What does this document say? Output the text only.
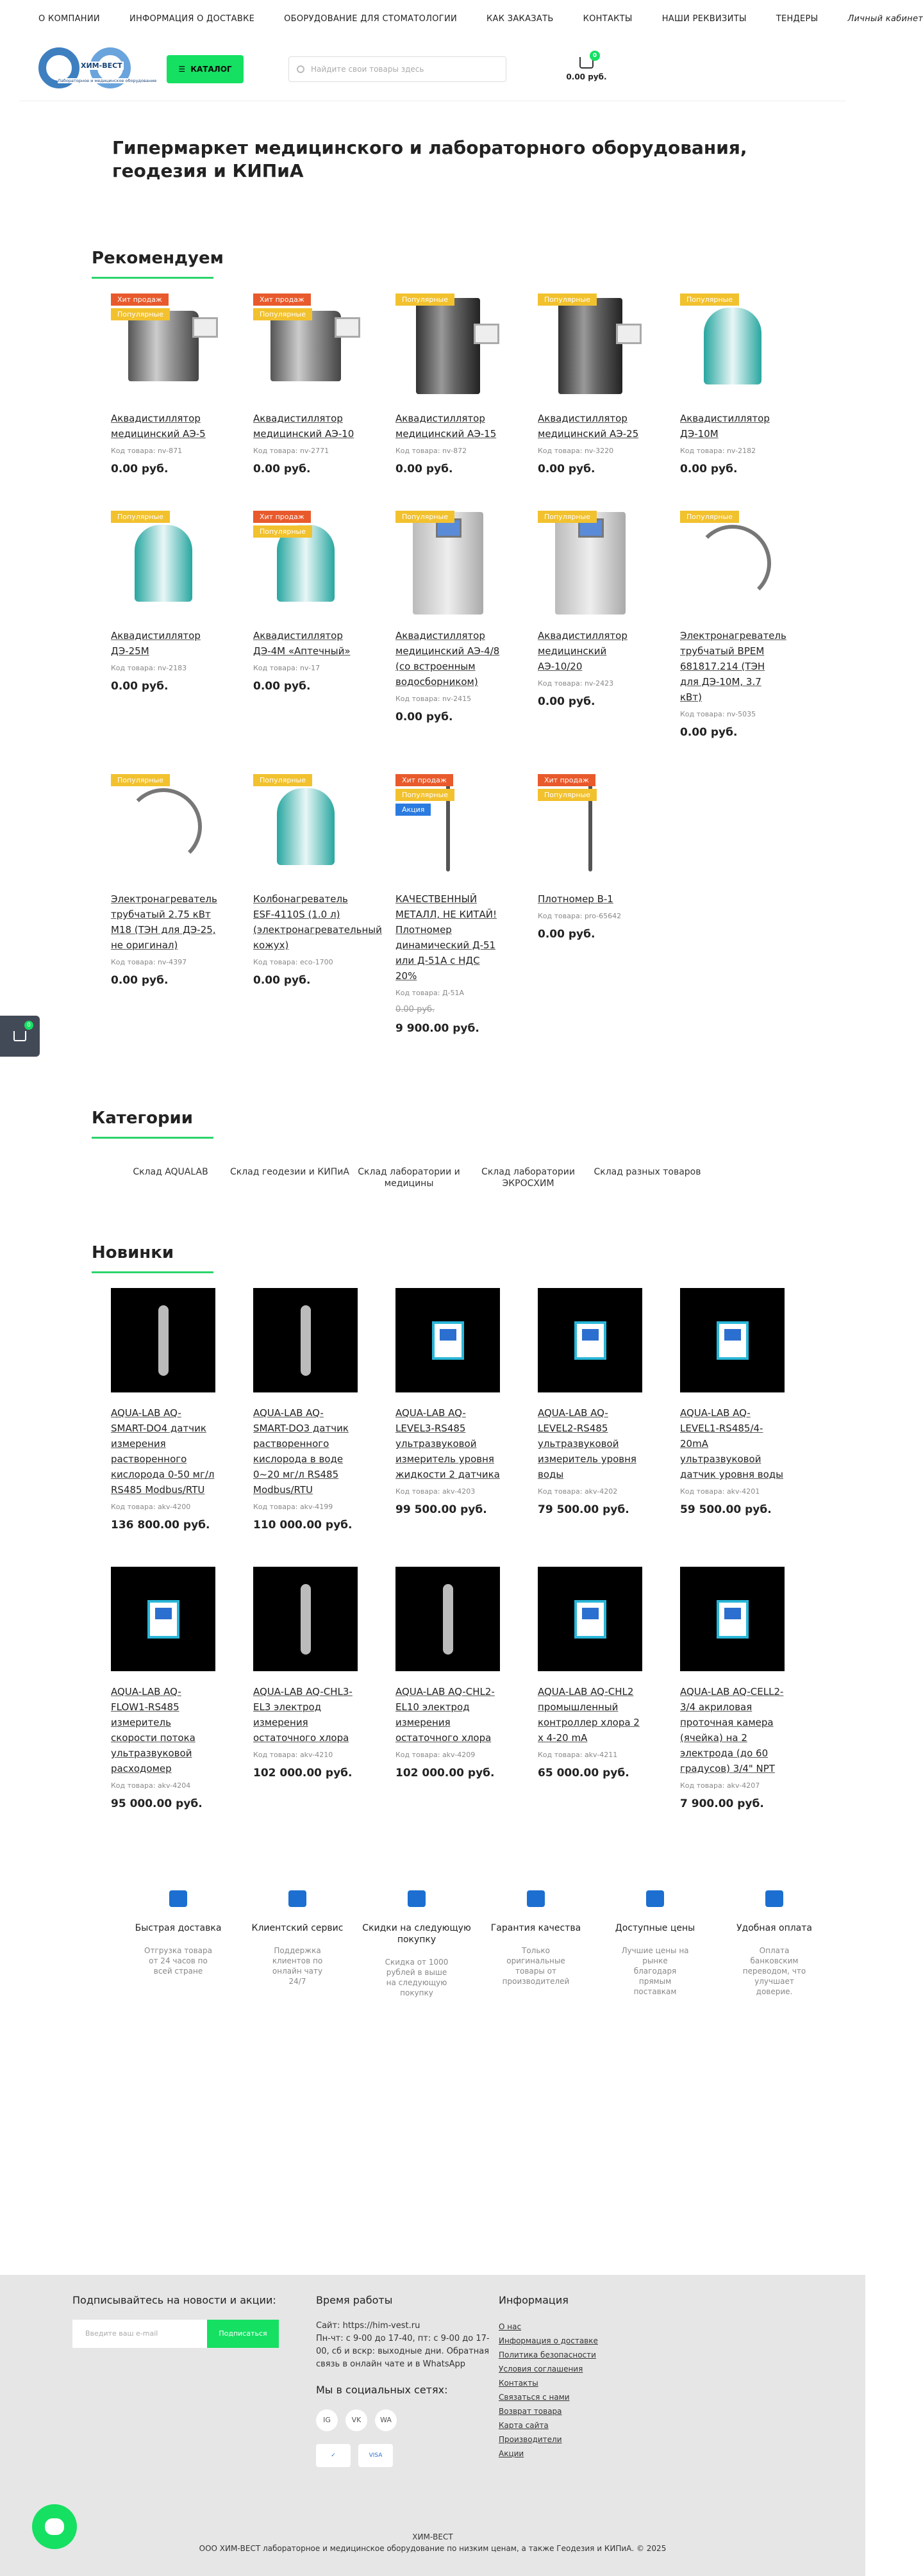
О КОМПАНИИ	ИНФОРМАЦИЯ О ДОСТАВКЕ	ОБОРУДОВАНИЕ ДЛЯ СТОМАТОЛОГИИ	КАК ЗАКАЗАТЬ	КОНТАКТЫ	НАШИ РЕКВИЗИТЫ	ТЕНДЕРЫ	Личный кабинет
ХИМ-ВЕСТ
Лабораторное и медицинское оборудование
☰ КАТАЛОГ	Найдите свои товары здесь
0
0.00 руб.
Гипермаркет медицинского и лабораторного оборудования, геодезия и КИПиА
Рекомендуем
Хит продаж
Популярные
Аквадистиллятор медицинский АЭ-5
Код товара: nv-871
0.00 руб.
Хит продаж
Популярные
Аквадистиллятор медицинский АЭ-10
Код товара: nv-2771
0.00 руб.
Популярные
Аквадистиллятор медицинский АЭ-15
Код товара: nv-872
0.00 руб.
Популярные
Аквадистиллятор медицинский АЭ-25
Код товара: nv-3220
0.00 руб.
Популярные
Аквадистиллятор ДЭ-10М
Код товара: nv-2182
0.00 руб.
Популярные
Аквадистиллятор ДЭ-25М
Код товара: nv-2183
0.00 руб.
Хит продаж
Популярные
Аквадистиллятор ДЭ-4М «Аптечный»
Код товара: nv-17
0.00 руб.
Популярные
Аквадистиллятор медицинский АЭ-4/8 (со встроенным водосборником)
Код товара: nv-2415
0.00 руб.
Популярные
Аквадистиллятор медицинский АЭ-10/20
Код товара: nv-2423
0.00 руб.
Популярные
Электронагреватель трубчатый ВРЕМ 681817.214 (ТЭН для ДЭ-10М, 3.7 кВт)
Код товара: nv-5035
0.00 руб.
Популярные
Электронагреватель трубчатый 2.75 кВт М18 (ТЭН для ДЭ-25, не оригинал)
Код товара: nv-4397
0.00 руб.
Популярные
Колбонагреватель ESF-4110S (1.0 л) (электронагревательный кожух)
Код товара: eco-1700
0.00 руб.
Хит продаж
Популярные
Акция
КАЧЕСТВЕННЫЙ МЕТАЛЛ, НЕ КИТАЙ! Плотномер динамический Д-51 или Д-51А с НДС 20%
Код товара: Д-51А
0.00 руб.
9 900.00 руб.
Хит продаж
Популярные
Плотномер В-1
Код товара: pro-65642
0.00 руб.
Категории
Склад AQUALAB	Склад геодезии и КИПиА Склад лаборатории и медицины
Склад лаборатории ЭКРОСХИМ
Склад разных товаров
Новинки
AQUA-LAB AQ-SMART-DO4 датчик измерения растворенного кислорода 0-50 мг/л RS485 Modbus/RTU
Код товара: akv-4200
136 800.00 руб.
AQUA-LAB AQ-SMART-DO3 датчик растворенного кислорода в воде 0~20 мг/л RS485 Modbus/RTU
Код товара: akv-4199
110 000.00 руб.
AQUA-LAB AQ-LEVEL3-RS485 ультразвуковой измеритель уровня жидкости 2 датчика
Код товара: akv-4203
99 500.00 руб.
AQUA-LAB AQ-LEVEL2-RS485 ультразвуковой измеритель уровня воды
Код товара: akv-4202
79 500.00 руб.
AQUA-LAB AQ-LEVEL1-RS485/4-20mA ультразвуковой датчик уровня воды
Код товара: akv-4201
59 500.00 руб.
AQUA-LAB AQ-FLOW1-RS485 измеритель скорости потока ультразвуковой расходомер
Код товара: akv-4204
95 000.00 руб.
AQUA-LAB AQ-CHL3-EL3 электрод измерения остаточного хлора
Код товара: akv-4210
102 000.00 руб.
AQUA-LAB AQ-CHL2-EL10 электрод измерения остаточного хлора
Код товара: akv-4209
102 000.00 руб.
AQUA-LAB AQ-CHL2 промышленный контроллер хлора 2 x 4-20 mA
Код товара: akv-4211
65 000.00 руб.
AQUA-LAB AQ-CELL2-3/4 акриловая проточная камера (ячейка) на 2 электрода (до 60 градусов) 3/4" NPT
Код товара: akv-4207
7 900.00 руб.
Быстрая доставка
Отгрузка товара от 24 часов по всей стране
Клиентский сервис
Поддержка клиентов по онлайн чату 24/7
Скидки на следующую покупку
Скидка от 1000 рублей в выше на следующую покупку
Гарантия качества
Только оригинальные товары от производителей
Доступные цены
Лучшие цены на рынке благодаря прямым поставкам
Удобная оплата
Оплата банковским переводом, что улучшает доверие.
0
Подписывайтесь на новости и акции:
Введите ваш e-mail	Подписаться
Время работы
Сайт: https://him-vest.ru
Пн-чт: с 9-00 до 17-40, пт: с 9-00 до 17-00, сб и вскр: выходные дни. Обратная связь в онлайн чате и в WhatsApp
Мы в социальных сетях:
IG	VK	WA
✓	VISA
Информация
О нас
Информация о доставке
Политика безопасности
Условия соглашения
Контакты
Связаться с нами
Возврат товара
Карта сайта
Производители
Акции
ХИМ-ВЕСТ
ООО ХИМ-ВЕСТ лабораторное и медицинское оборудование по низким ценам, а также Геодезия и КИПиА. © 2025
